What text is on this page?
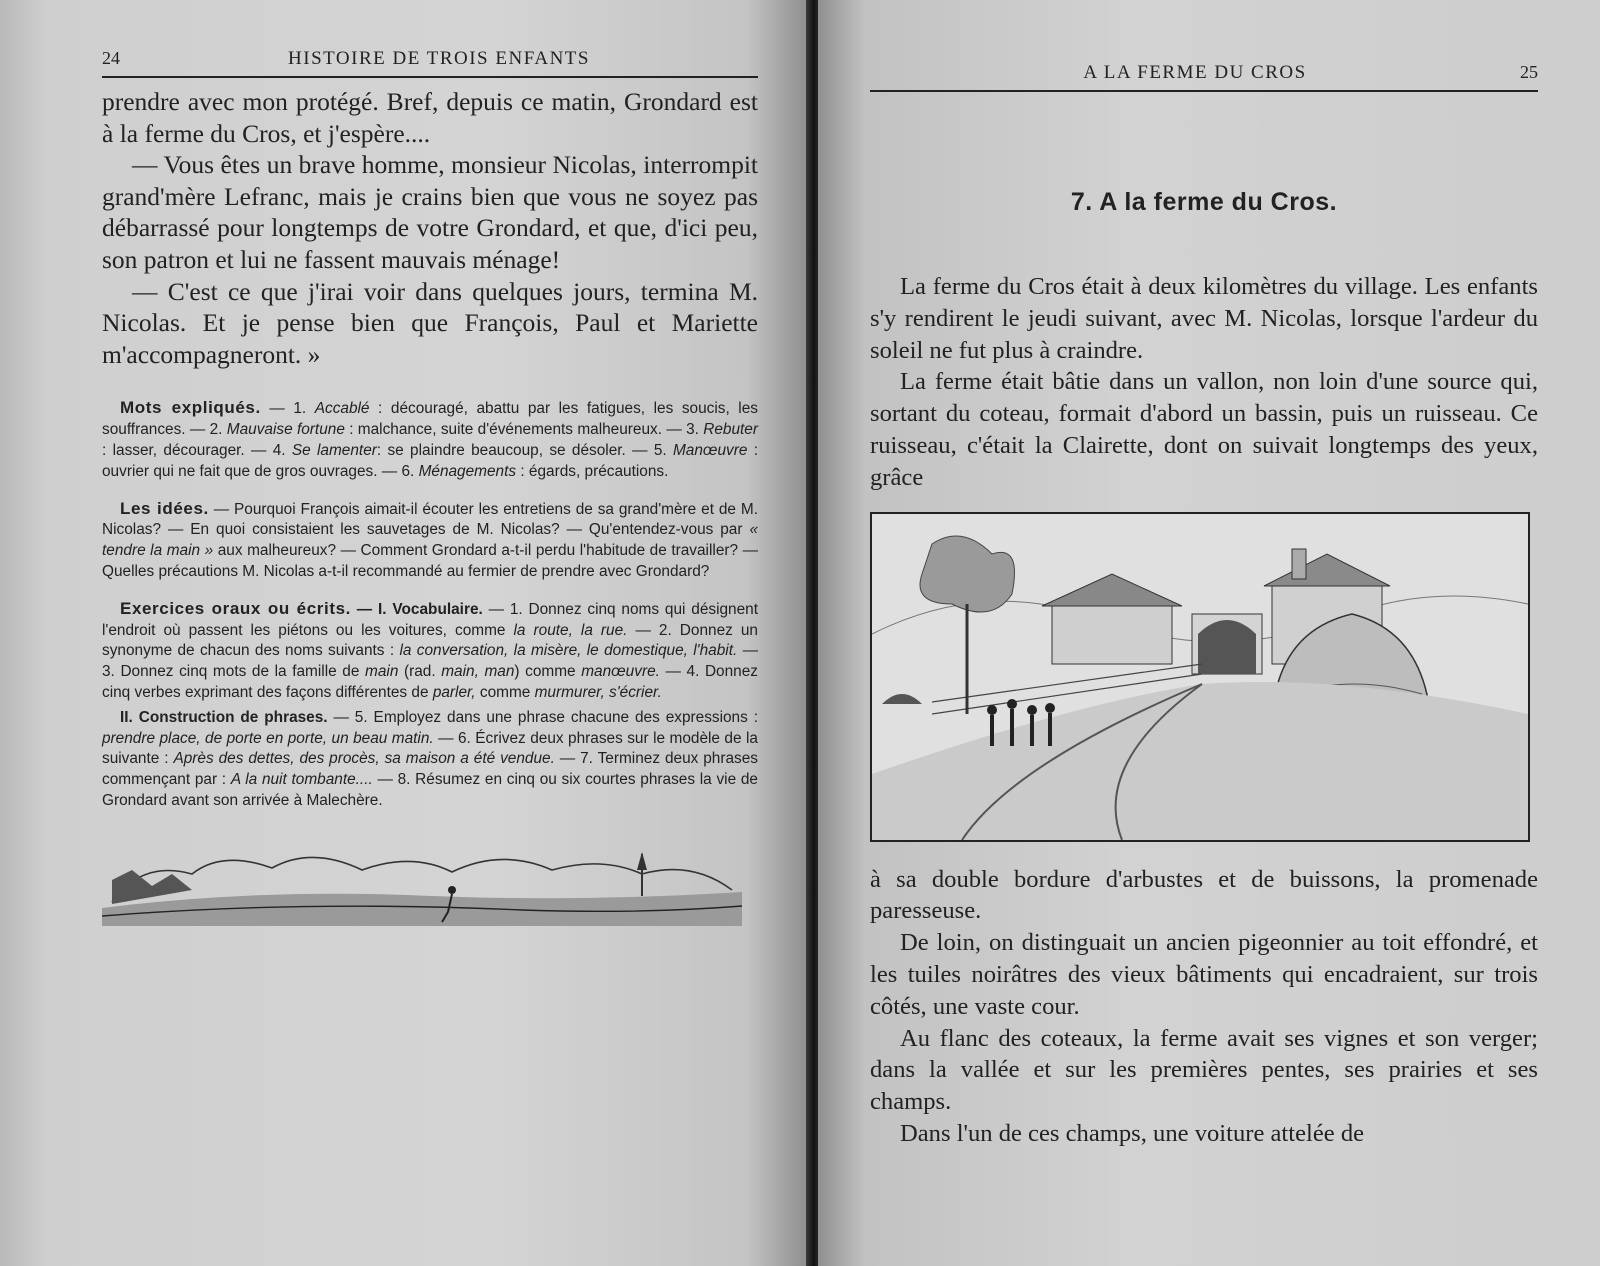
24	HISTOIRE DE TROIS ENFANTS

prendre avec mon protégé. Bref, depuis ce matin, Grondard est à la ferme du Cros, et j'espère....

— Vous êtes un brave homme, monsieur Nicolas, interrompit grand'mère Lefranc, mais je crains bien que vous ne soyez pas débarrassé pour longtemps de votre Grondard, et que, d'ici peu, son patron et lui ne fassent mauvais ménage!

— C'est ce que j'irai voir dans quelques jours, termina M. Nicolas. Et je pense bien que François, Paul et Mariette m'accompagneront. »

Mots expliqués. — 1. Accablé : découragé, abattu par les fatigues, les soucis, les souffrances. — 2. Mauvaise fortune : malchance, suite d'événements malheureux. — 3. Rebuter : lasser, décourager. — 4. Se lamenter: se plaindre beaucoup, se désoler. — 5. Manœuvre : ouvrier qui ne fait que de gros ouvrages. — 6. Ménagements : égards, précautions.
Les idées. — Pourquoi François aimait-il écouter les entretiens de sa grand'mère et de M. Nicolas? — En quoi consistaient les sauvetages de M. Nicolas? — Qu'entendez-vous par « tendre la main » aux malheureux? — Comment Grondard a-t-il perdu l'habitude de travailler? — Quelles précautions M. Nicolas a-t-il recommandé au fermier de prendre avec Grondard?
Exercices oraux ou écrits. — I. Vocabulaire. — 1. Donnez cinq noms qui désignent l'endroit où passent les piétons ou les voitures, comme la route, la rue. — 2. Donnez un synonyme de chacun des noms suivants : la conversation, la misère, le domestique, l'habit. — 3. Donnez cinq mots de la famille de main (rad. main, man) comme manœuvre. — 4. Donnez cinq verbes exprimant des façons différentes de parler, comme murmurer, s'écrier.
II. Construction de phrases. — 5. Employez dans une phrase chacune des expressions : prendre place, de porte en porte, un beau matin. — 6. Écrivez deux phrases sur le modèle de la suivante : Après des dettes, des procès, sa maison a été vendue. — 7. Terminez deux phrases commençant par : A la nuit tombante.... — 8. Résumez en cinq ou six courtes phrases la vie de Grondard avant son arrivée à Malechère.
A LA FERME DU CROS	25
7. A la ferme du Cros.

La ferme du Cros était à deux kilomètres du village. Les enfants s'y rendirent le jeudi suivant, avec M. Nicolas, lorsque l'ardeur du soleil ne fut plus à craindre.

La ferme était bâtie dans un vallon, non loin d'une source qui, sortant du coteau, formait d'abord un bassin, puis un ruisseau. Ce ruisseau, c'était la Clairette, dont on suivait longtemps des yeux, grâce

à sa double bordure d'arbustes et de buissons, la promenade paresseuse.

De loin, on distinguait un ancien pigeonnier au toit effondré, et les tuiles noirâtres des vieux bâtiments qui encadraient, sur trois côtés, une vaste cour.

Au flanc des coteaux, la ferme avait ses vignes et son verger; dans la vallée et sur les premières pentes, ses prairies et ses champs.

Dans l'un de ces champs, une voiture attelée de
